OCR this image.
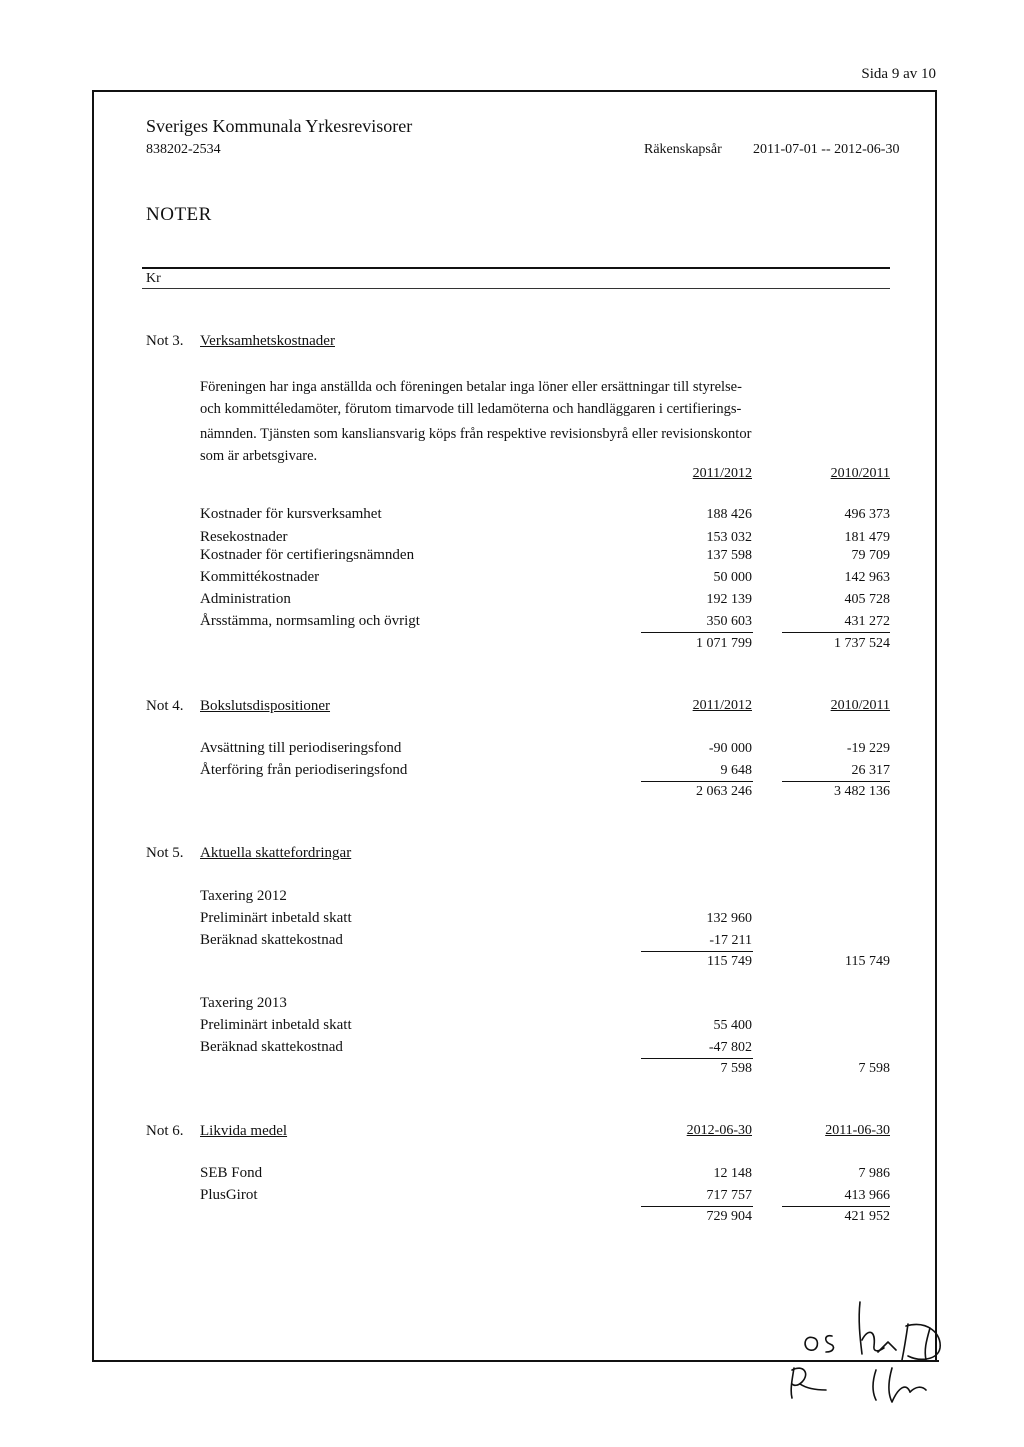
Sida 9 av 10
Sveriges Kommunala Yrkesrevisorer
838202-2534	Räkenskapsår 2011-07-01 -- 2012-06-30
NOTER
Kr
Not 3. Verksamhetskostnader
Föreningen har inga anställda och föreningen betalar inga löner eller ersättningar till styrelse-
och kommittéledamöter, förutom timarvode till ledamöterna och handläggaren i certifierings-
nämnden. Tjänsten som kansliansvarig köps från respektive revisionsbyrå eller revisionskontor
som är arbetsgivare.
2011/2012	2010/2011
Kostnader för kursverksamhet	188 426	496 373
Resekostnader	153 032	181 479
Kostnader för certifieringsnämnden	137 598	79 709
Kommittékostnader	50 000	142 963
Administration	192 139	405 728
Årsstämma, normsamling och övrigt	350 603	431 272
1 071 799	1 737 524
Not 4. Bokslutsdispositioner	2011/2012	2010/2011
Avsättning till periodiseringsfond	-90 000	-19 229
Återföring från periodiseringsfond	9 648	26 317
2 063 246	3 482 136
Not 5. Aktuella skattefordringar
Taxering 2012
Preliminärt inbetald skatt	132 960
Beräknad skattekostnad	-17 211
115 749	115 749
Taxering 2013
Preliminärt inbetald skatt	55 400
Beräknad skattekostnad	-47 802
7 598	7 598
Not 6. Likvida medel	2012-06-30	2011-06-30
SEB Fond	12 148	7 986
PlusGirot	717 757	413 966
729 904	421 952
